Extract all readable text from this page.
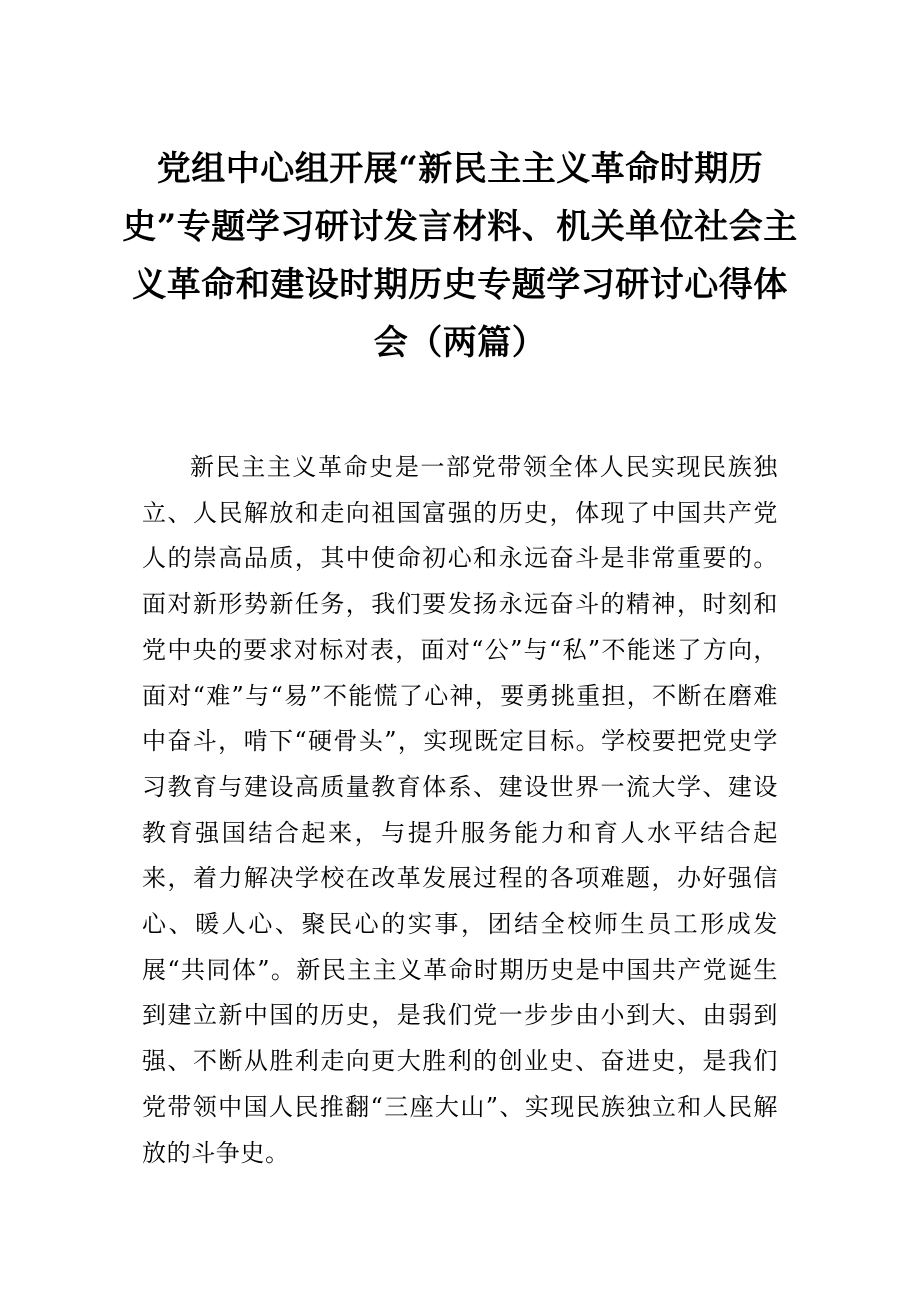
党组中心组开展“新民主主义革命时期历史”专题学习研讨发言材料、机关单位社会主义革命和建设时期历史专题学习研讨心得体会（两篇）

新民主主义革命史是一部党带领全体人民实现民族独立、人民解放和走向祖国富强的历史，体现了中国共产党人的崇高品质，其中使命初心和永远奋斗是非常重要的。面对新形势新任务，我们要发扬永远奋斗的精神，时刻和党中央的要求对标对表，面对“公”与“私”不能迷了方向，面对“难”与“易”不能慌了心神，要勇挑重担，不断在磨难中奋斗，啃下“硬骨头”，实现既定目标。学校要把党史学习教育与建设高质量教育体系、建设世界一流大学、建设教育强国结合起来，与提升服务能力和育人水平结合起来，着力解决学校在改革发展过程的各项难题，办好强信心、暖人心、聚民心的实事，团结全校师生员工形成发展“共同体”。新民主主义革命时期历史是中国共产党诞生到建立新中国的历史，是我们党一步步由小到大、由弱到强、不断从胜利走向更大胜利的创业史、奋进史，是我们党带领中国人民推翻“三座大山”、实现民族独立和人民解放的斗争史。
